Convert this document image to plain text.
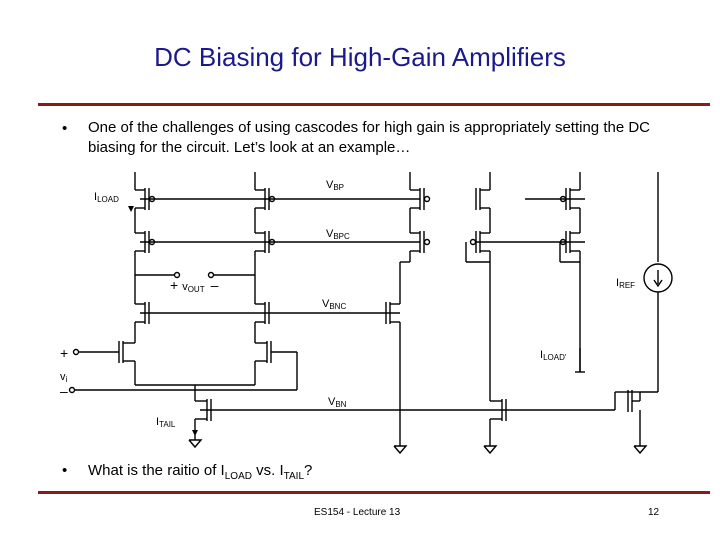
DC Biasing for High-Gain Amplifiers
• One of the challenges of using cascodes for high gain is appropriately setting the DC biasing for the circuit. Let’s look at an example…
ILOAD
VBP
VBPC
VBNC
VBN
+ vOUT –
+
vi
–
ITAIL
IREF
ILOAD'
• What is the raitio of $I_{LOAD}$ vs. $I_{TAIL}$?
ES154 - Lecture 13	12
